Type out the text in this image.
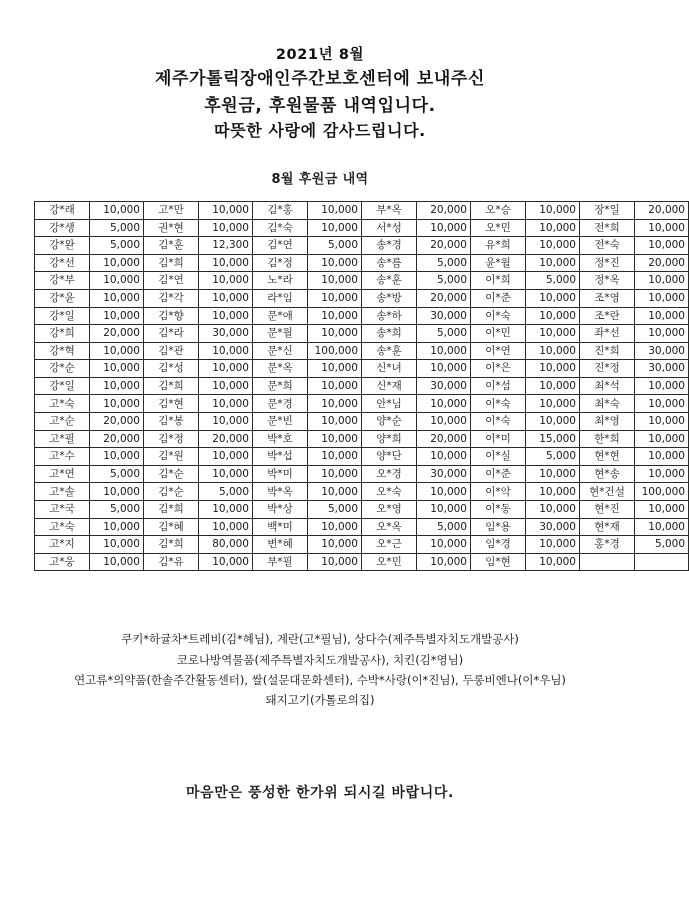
2021년 8월
제주가톨릭장애인주간보호센터에 보내주신
후원금, 후원물품 내역입니다.
따뜻한 사랑에 감사드립니다.
8월 후원금 내역
강*래	10,000	고*만	10,000	김*홍	10,000	부*옥	20,000	오*승	10,000	장*일	20,000
강*생	5,000	권*현	10,000	김*숙	10,000	서*성	10,000	오*민	10,000	전*희	10,000
강*완	5,000	김*훈	12,300	김*연	5,000	송*경	20,000	유*희	10,000	전*숙	10,000
강*선	10,000	김*희	10,000	김*정	10,000	송*름	5,000	윤*월	10,000	정*진	20,000
강*부	10,000	김*연	10,000	노*라	10,000	송*훈	5,000	이*희	5,000	정*옥	10,000
강*윤	10,000	김*각	10,000	라*임	10,000	송*방	20,000	이*준	10,000	조*영	10,000
강*일	10,000	김*향	10,000	문*애	10,000	송*하	30,000	이*숙	10,000	조*란	10,000
강*희	20,000	김*라	30,000	문*월	10,000	송*희	5,000	이*민	10,000	좌*선	10,000
강*혁	10,000	김*관	10,000	문*신	100,000	송*훈	10,000	이*연	10,000	진*희	30,000
강*순	10,000	김*성	10,000	문*옥	10,000	신*녀	10,000	이*은	10,000	진*정	30,000
강*일	10,000	김*희	10,000	문*희	10,000	신*재	30,000	이*섬	10,000	최*석	10,000
고*숙	10,000	김*현	10,000	문*경	10,000	안*님	10,000	이*숙	10,000	최*숙	10,000
고*순	20,000	김*봉	10,000	문*빈	10,000	양*순	10,000	이*숙	10,000	최*영	10,000
고*필	20,000	김*정	20,000	박*호	10,000	양*희	20,000	이*미	15,000	한*희	10,000
고*수	10,000	김*원	10,000	박*섭	10,000	양*단	10,000	이*실	5,000	현*현	10,000
고*연	5,000	김*순	10,000	박*미	10,000	오*경	30,000	이*준	10,000	현*송	10,000
고*솔	10,000	김*순	5,000	박*옥	10,000	오*숙	10,000	이*악	10,000	현*건설	100,000
고*국	5,000	김*희	10,000	박*상	5,000	오*영	10,000	이*동	10,000	현*진	10,000
고*숙	10,000	김*혜	10,000	백*미	10,000	오*옥	5,000	임*용	30,000	현*재	10,000
고*지	10,000	김*희	80,000	변*혜	10,000	오*근	10,000	임*경	10,000	홍*경	5,000
고*웅	10,000	김*유	10,000	부*필	10,000	오*민	10,000	임*현	10,000		
쿠키*하귤차*트레비(김*혜님), 계란(고*필님), 상다수(제주특별자치도개발공사)
코로나방역물품(제주특별자치도개발공사), 치킨(김*영님)
연고류*의약품(한솔주간활동센터), 쌀(설문대문화센터), 수박*사랑(이*진님), 두롱비엔나(이*우님)
돼지고기(가톨로의집)
마음만은 풍성한 한가위 되시길 바랍니다.
